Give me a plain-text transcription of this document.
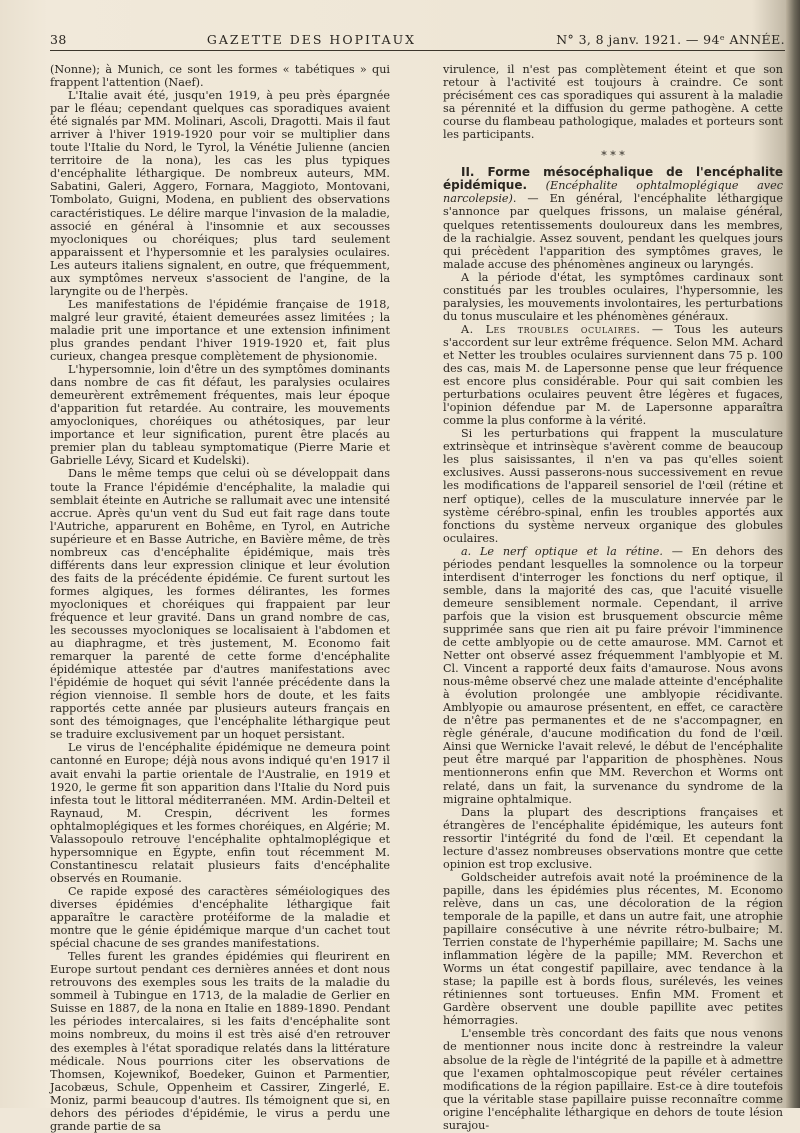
38	GAZETTE DES HOPITAUX	N° 3, 8 janv. 1921. — 94ᵉ ANNÉE.

(Nonne); à Munich, ce sont les formes « tabétiques » qui frappent l'attention (Naef).

L'Italie avait été, jusqu'en 1919, à peu près épargnée par le fléau; cependant quelques cas sporadiques avaient été signalés par MM. Molinari, Ascoli, Dragotti. Mais il faut arriver à l'hiver 1919-1920 pour voir se multiplier dans toute l'Italie du Nord, le Tyrol, la Vénétie Julienne (ancien territoire de la nona), les cas les plus typiques d'encéphalite léthargique. De nombreux auteurs, MM. Sabatini, Galeri, Aggero, Fornara, Maggioto, Montovani, Tombolato, Guigni, Modena, en publient des observations caractéristiques. Le délire marque l'invasion de la maladie, associé en général à l'insomnie et aux secousses myocloniques ou choréiques; plus tard seulement apparaissent et l'hypersomnie et les paralysies oculaires. Les auteurs italiens signalent, en outre, que fréquemment, aux symptômes nerveux s'associent de l'angine, de la laryngite ou de l'herpès.

Les manifestations de l'épidémie française de 1918, malgré leur gravité, étaient demeurées assez limitées ; la maladie prit une importance et une extension infiniment plus grandes pendant l'hiver 1919-1920 et, fait plus curieux, changea presque complètement de physionomie.

L'hypersomnie, loin d'être un des symptômes dominants dans nombre de cas fit défaut, les paralysies oculaires demeurèrent extrêmement fréquentes, mais leur époque d'apparition fut retardée. Au contraire, les mouvements amyocloniques, choréiques ou athétosiques, par leur importance et leur signification, purent être placés au premier plan du tableau symptomatique (Pierre Marie et Gabrielle Lévy, Sicard et Kudelski).

Dans le même temps que celui où se développait dans toute la France l'épidémie d'encéphalite, la maladie qui semblait éteinte en Autriche se rallumait avec une intensité accrue. Après qu'un vent du Sud eut fait rage dans toute l'Autriche, apparurent en Bohême, en Tyrol, en Autriche supérieure et en Basse Autriche, en Bavière même, de très nombreux cas d'encéphalite épidémique, mais très différents dans leur expression clinique et leur évolution des faits de la précédente épidémie. Ce furent surtout les formes algiques, les formes délirantes, les formes myocloniques et choréiques qui frappaient par leur fréquence et leur gravité. Dans un grand nombre de cas, les secousses myocloniques se localisaient à l'abdomen et au diaphragme, et très justement, M. Economo fait remarquer la parenté de cette forme d'encéphalite épidémique attestée par d'autres manifestations avec l'épidémie de hoquet qui sévit l'année précédente dans la région viennoise. Il semble hors de doute, et les faits rapportés cette année par plusieurs auteurs français en sont des témoignages, que l'encéphalite léthargique peut se traduire exclusivement par un hoquet persistant.

Le virus de l'encéphalite épidémique ne demeura point cantonné en Europe; déjà nous avons indiqué qu'en 1917 il avait envahi la partie orientale de l'Australie, en 1919 et 1920, le germe fit son apparition dans l'Italie du Nord puis infesta tout le littoral méditerranéen. MM. Ardin-Delteil et Raynaud, M. Crespin, décrivent les formes ophtalmoplégiques et les formes choréiques, en Algérie; M. Valassopoulo retrouve l'encéphalite ophtalmoplégique et hypersomnique en Égypte, enfin tout récemment M. Constantinescu relatait plusieurs faits d'encéphalite observés en Roumanie.

Ce rapide exposé des caractères séméiologiques des diverses épidémies d'encéphalite léthargique fait apparaître le caractère protéiforme de la maladie et montre que le génie épidémique marque d'un cachet tout spécial chacune de ses grandes manifestations.

Telles furent les grandes épidémies qui fleurirent en Europe surtout pendant ces dernières années et dont nous retrouvons des exemples sous les traits de la maladie du sommeil à Tubingue en 1713, de la maladie de Gerlier en Suisse en 1887, de la nona en Italie en 1889-1890. Pendant les périodes intercalaires, si les faits d'encéphalite sont moins nombreux, du moins il est très aisé d'en retrouver des exemples à l'état sporadique relatés dans la littérature médicale. Nous pourrions citer les observations de Thomsen, Kojewnikof, Boedeker, Guinon et Parmentier, Jacobæus, Schule, Oppenheim et Cassirer, Zingerlé, E. Moniz, parmi beaucoup d'autres. Ils témoignent que si, en dehors des périodes d'épidémie, le virus a perdu une grande partie de sa

virulence, il n'est pas complètement éteint et que son retour à l'activité est toujours à craindre. Ce sont précisément ces cas sporadiques qui assurent à la maladie sa pérennité et la diffusion du germe pathogène. A cette course du flambeau pathologique, malades et porteurs sont les participants.

* * *

II. Forme mésocéphalique de l'encéphalite épidémique. (Encéphalite ophtalmoplégique avec narcolepsie). — En général, l'encéphalite léthargique s'annonce par quelques frissons, un malaise général, quelques retentissements douloureux dans les membres, de la rachialgie. Assez souvent, pendant les quelques jours qui précèdent l'apparition des symptômes graves, le malade accuse des phénomènes angineux ou laryngés.

A la période d'état, les symptômes cardinaux sont constitués par les troubles oculaires, l'hypersomnie, les paralysies, les mouvements involontaires, les perturbations du tonus musculaire et les phénomènes généraux.

A. Les troubles oculaires. — Tous les auteurs s'accordent sur leur extrême fréquence. Selon MM. Achard et Netter les troubles oculaires surviennent dans 75 p. 100 des cas, mais M. de Lapersonne pense que leur fréquence est encore plus considérable. Pour qui sait combien les perturbations oculaires peuvent être légères et fugaces, l'opinion défendue par M. de Lapersonne apparaîtra comme la plus conforme à la vérité.

Si les perturbations qui frappent la musculature extrinsèque et intrinsèque s'avèrent comme de beaucoup les plus saisissantes, il n'en va pas qu'elles soient exclusives. Aussi passerons-nous successivement en revue les modifications de l'appareil sensoriel de l'œil (rétine et nerf optique), celles de la musculature innervée par le système cérébro-spinal, enfin les troubles apportés aux fonctions du système nerveux organique des globules oculaires.

a. Le nerf optique et la rétine. — En dehors des périodes pendant lesquelles la somnolence ou la torpeur interdisent d'interroger les fonctions du nerf optique, il semble, dans la majorité des cas, que l'acuité visuelle demeure sensiblement normale. Cependant, il arrive parfois que la vision est brusquement obscurcie même supprimée sans que rien ait pu faire prévoir l'imminence de cette amblyopie ou de cette amaurose. MM. Carnot et Netter ont observé assez fréquemment l'amblyopie et M. Cl. Vincent a rapporté deux faits d'amaurose. Nous avons nous-même observé chez une malade atteinte d'encéphalite à évolution prolongée une amblyopie récidivante. Amblyopie ou amaurose présentent, en effet, ce caractère de n'être pas permanentes et de ne s'accompagner, en règle générale, d'aucune modification du fond de l'œil. Ainsi que Wernicke l'avait relevé, le début de l'encéphalite peut être marqué par l'apparition de phosphènes. Nous mentionnerons enfin que MM. Reverchon et Worms ont relaté, dans un fait, la survenance du syndrome de la migraine ophtalmique.

Dans la plupart des descriptions françaises et étrangères de l'encéphalite épidémique, les auteurs font ressortir l'intégrité du fond de l'œil. Et cependant la lecture d'assez nombreuses observations montre que cette opinion est trop exclusive.

Goldscheider autrefois avait noté la proéminence de la papille, dans les épidémies plus récentes, M. Economo relève, dans un cas, une décoloration de la région temporale de la papille, et dans un autre fait, une atrophie papillaire consécutive à une névrite rétro-bulbaire; M. Terrien constate de l'hyperhémie papillaire; M. Sachs une inflammation légère de la papille; MM. Reverchon et Worms un état congestif papillaire, avec tendance à la stase; la papille est à bords flous, surélevés, les veines rétiniennes sont tortueuses. Enfin MM. Froment et Gardère observent une double papillite avec petites hémorragies.

L'ensemble très concordant des faits que nous venons de mentionner nous incite donc à restreindre la valeur absolue de la règle de l'intégrité de la papille et à admettre que l'examen ophtalmoscopique peut révéler certaines modifications de la région papillaire. Est-ce à dire toutefois que la véritable stase papillaire puisse reconnaître comme origine l'encéphalite léthargique en dehors de toute lésion surajou-
